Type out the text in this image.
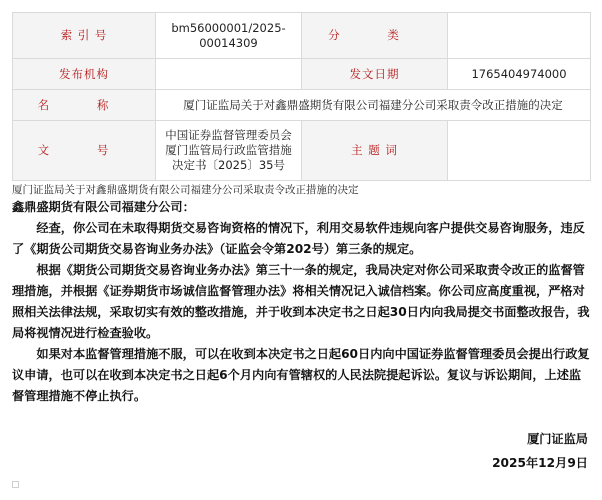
索 引 号	bm56000001/2025-00014309	分 类	
发布机构		发文日期	1765404974000
名 称	厦门证监局关于对鑫鼎盛期货有限公司福建分公司采取责令改正措施的决定		
文 号	中国证券监督管理委员会厦门监管局行政监管措施决定书〔2025〕35号	主 题 词	
厦门证监局关于对鑫鼎盛期货有限公司福建分公司采取责令改正措施的决定

鑫鼎盛期货有限公司福建分公司：

经查，你公司在未取得期货交易咨询资格的情况下，利用交易软件违规向客户提供交易咨询服务，违反了《期货公司期货交易咨询业务办法》（证监会令第202号）第三条的规定。

根据《期货公司期货交易咨询业务办法》第三十一条的规定，我局决定对你公司采取责令改正的监督管理措施，并根据《证券期货市场诚信监督管理办法》将相关情况记入诚信档案。你公司应高度重视，严格对照相关法律法规，采取切实有效的整改措施，并于收到本决定书之日起30日内向我局提交书面整改报告，我局将视情况进行检查验收。

如果对本监督管理措施不服，可以在收到本决定书之日起60日内向中国证券监督管理委员会提出行政复议申请，也可以在收到本决定书之日起6个月内向有管辖权的人民法院提起诉讼。复议与诉讼期间，上述监督管理措施不停止执行。

厦门证监局
2025年12月9日
